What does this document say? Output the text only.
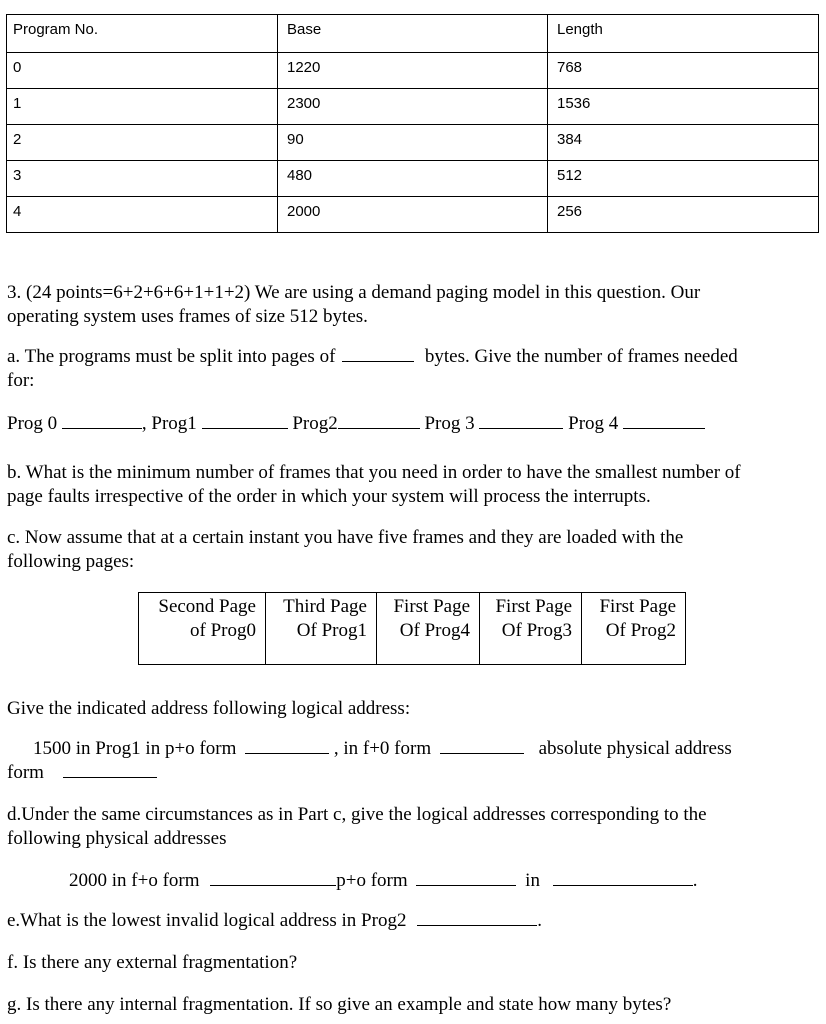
Program No.	Base	Length
0	1220	768
1	2300	1536
2	90	384
3	480	512
4	2000	256
3. (24 points=6+2+6+6+1+1+2) We are using a demand paging model in this question. Our
operating system uses frames of size 512 bytes.
a. The programs must be split into pages of	bytes. Give the number of frames needed
for:
Prog 0	, Prog1	Prog2	Prog 3	Prog 4
b. What is the minimum number of frames that you need in order to have the smallest number of
page faults irrespective of the order in which your system will process the interrupts.
c. Now assume that at a certain instant you have five frames and they are loaded with the
following pages:
Second Page
of Prog0

Third Page
Of Prog1

First Page
Of Prog4

First Page
Of Prog3

First Page
Of Prog2
Give the indicated address following logical address:
1500 in Prog1 in p+o form	, in f+0 form	absolute physical address
form
d.Under the same circumstances as in Part c, give the logical addresses corresponding to the
following physical addresses
2000 in f+o form	p+o form	in	.
e.What is the lowest invalid logical address in Prog2	.
f. Is there any external fragmentation?
g. Is there any internal fragmentation. If so give an example and state how many bytes?
